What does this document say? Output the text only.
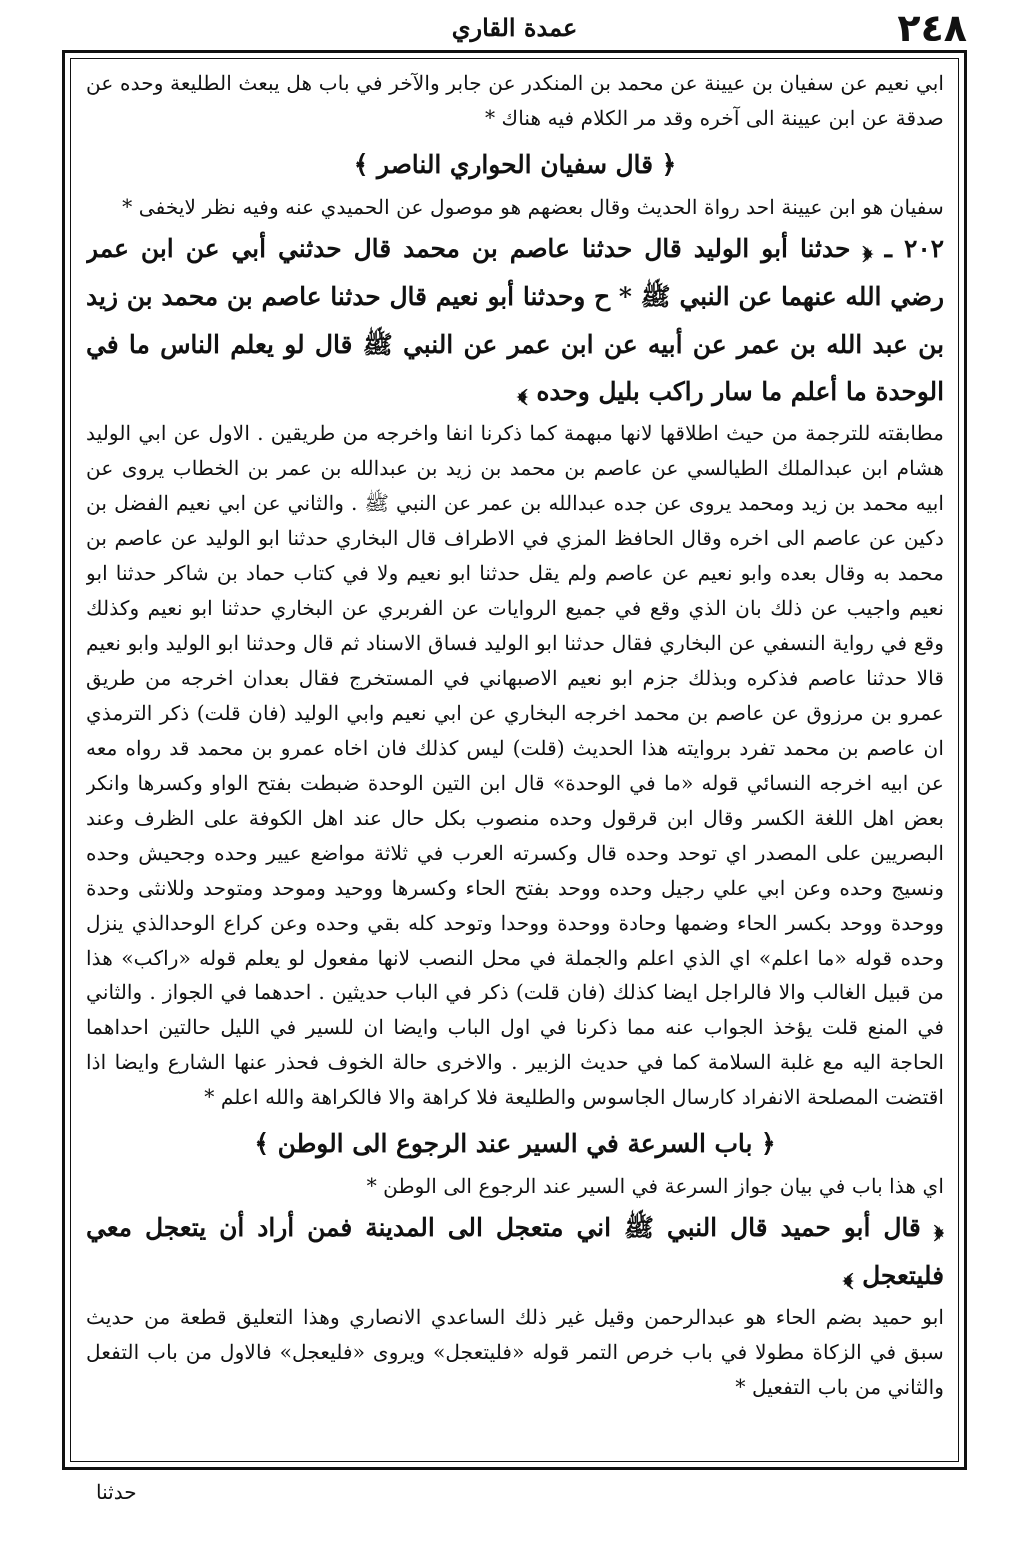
٢٤٨
عمدة القاري

ابي نعيم عن سفيان بن عيينة عن محمد بن المنكدر عن جابر والآخر في باب هل يبعث الطليعة وحده عن صدقة عن ابن عيينة الى آخره وقد مر الكلام فيه هناك *

﴿ قال سفيان الحواري الناصر ﴾

سفيان هو ابن عيينة احد رواة الحديث وقال بعضهم هو موصول عن الحميدي عنه وفيه نظر لايخفى *

٢٠٢ ـ ﴿ حدثنا أبو الوليد قال حدثنا عاصم بن محمد قال حدثني أبي عن ابن عمر رضي الله عنهما عن النبي ﷺ * ح وحدثنا أبو نعيم قال حدثنا عاصم بن محمد بن زيد بن عبد الله بن عمر عن أبيه عن ابن عمر عن النبي ﷺ قال لو يعلم الناس ما في الوحدة ما أعلم ما سار راكب بليل وحده ﴾

مطابقته للترجمة من حيث اطلاقها لانها مبهمة كما ذكرنا انفا واخرجه من طريقين . الاول عن ابي الوليد هشام ابن عبدالملك الطيالسي عن عاصم بن محمد بن زيد بن عبدالله بن عمر بن الخطاب يروى عن ابيه محمد بن زيد ومحمد يروى عن جده عبدالله بن عمر عن النبي ﷺ . والثاني عن ابي نعيم الفضل بن دكين عن عاصم الى اخره وقال الحافظ المزي في الاطراف قال البخاري حدثنا ابو الوليد عن عاصم بن محمد به وقال بعده وابو نعيم عن عاصم ولم يقل حدثنا ابو نعيم ولا في كتاب حماد بن شاكر حدثنا ابو نعيم واجيب عن ذلك بان الذي وقع في جميع الروايات عن الفربري عن البخاري حدثنا ابو نعيم وكذلك وقع في رواية النسفي عن البخاري فقال حدثنا ابو الوليد فساق الاسناد ثم قال وحدثنا ابو الوليد وابو نعيم قالا حدثنا عاصم فذكره وبذلك جزم ابو نعيم الاصبهاني في المستخرج فقال بعدان اخرجه من طريق عمرو بن مرزوق عن عاصم بن محمد اخرجه البخاري عن ابي نعيم وابي الوليد (فان قلت) ذكر الترمذي ان عاصم بن محمد تفرد بروايته هذا الحديث (قلت) ليس كذلك فان اخاه عمرو بن محمد قد رواه معه عن ابيه اخرجه النسائي قوله «ما في الوحدة» قال ابن التين الوحدة ضبطت بفتح الواو وكسرها وانكر بعض اهل اللغة الكسر وقال ابن قرقول وحده منصوب بكل حال عند اهل الكوفة على الظرف وعند البصريين على المصدر اي توحد وحده قال وكسرته العرب في ثلاثة مواضع عيير وحده وجحيش وحده ونسيج وحده وعن ابي علي رجيل وحده ووحد بفتح الحاء وكسرها ووحيد وموحد ومتوحد وللانثى وحدة ووحدة ووحد بكسر الحاء وضمها وحادة ووحدة ووحدا وتوحد كله بقي وحده وعن كراع الوحدالذي ينزل وحده قوله «ما اعلم» اي الذي اعلم والجملة في محل النصب لانها مفعول لو يعلم قوله «راكب» هذا من قبيل الغالب والا فالراجل ايضا كذلك (فان قلت) ذكر في الباب حديثين . احدهما في الجواز . والثاني في المنع قلت يؤخذ الجواب عنه مما ذكرنا في اول الباب وايضا ان للسير في الليل حالتين احداهما الحاجة اليه مع غلبة السلامة كما في حديث الزبير . والاخرى حالة الخوف فحذر عنها الشارع وايضا اذا اقتضت المصلحة الانفراد كارسال الجاسوس والطليعة فلا كراهة والا فالكراهة والله اعلم *

﴿ باب السرعة في السير عند الرجوع الى الوطن ﴾

اي هذا باب في بيان جواز السرعة في السير عند الرجوع الى الوطن *

﴿ قال أبو حميد قال النبي ﷺ اني متعجل الى المدينة فمن أراد أن يتعجل معي فليتعجل ﴾

ابو حميد بضم الحاء هو عبدالرحمن وقيل غير ذلك الساعدي الانصاري وهذا التعليق قطعة من حديث سبق في الزكاة مطولا في باب خرص التمر قوله «فليتعجل» ويروى «فليعجل» فالاول من باب التفعل والثاني من باب التفعيل *

حدثنا
